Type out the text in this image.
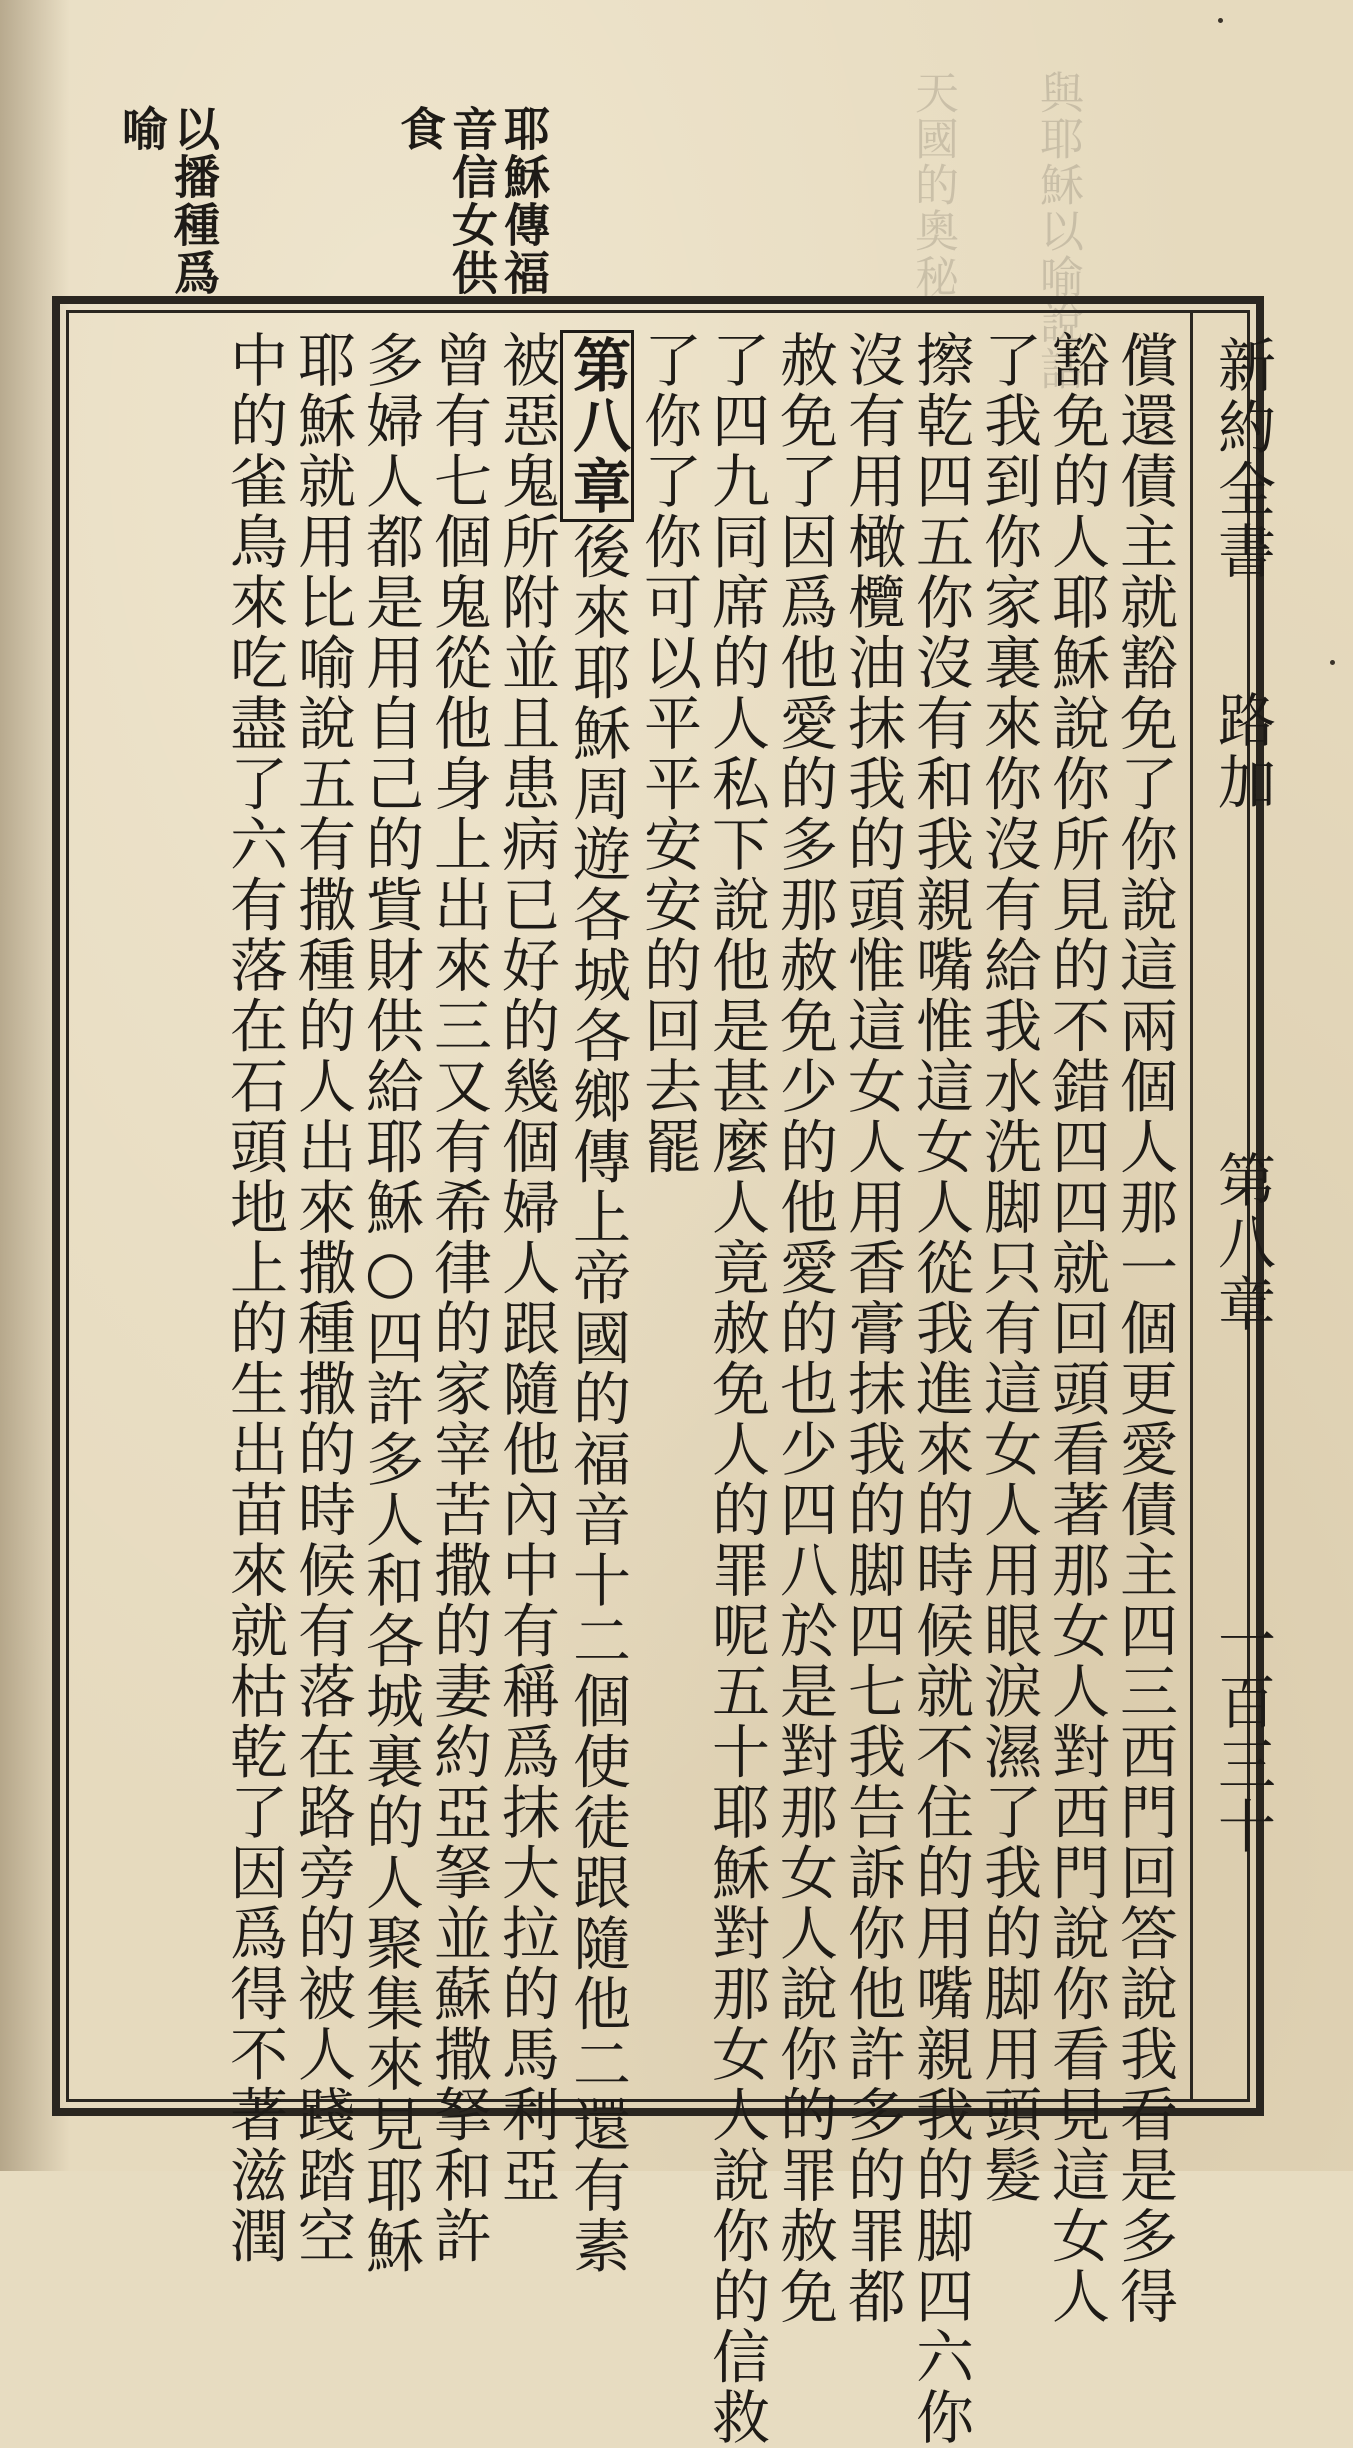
天國的奧秘 與耶穌以喻說話
耶穌傳福音信女供食
以播種爲喻
新約全書
路加
第八章
一百三十
償還債主就豁免了你說這兩個人那一個更愛債主四三西門回答說我看是多得
豁免的人耶穌說你所見的不錯四四就回頭看著那女人對西門說你看見這女人
了我到你家裏來你沒有給我水洗脚只有這女人用眼淚濕了我的脚用頭髮
擦乾四五你沒有和我親嘴惟這女人從我進來的時候就不住的用嘴親我的脚四六你
沒有用橄欖油抹我的頭惟這女人用香膏抹我的脚四七我告訴你他許多的罪都
赦免了因爲他愛的多那赦免少的他愛的也少四八於是對那女人說你的罪赦免
了四九同席的人私下說他是甚麼人竟赦免人的罪呢五十耶穌對那女人說你的信救
了你了你可以平平安安的回去罷
第八章後來耶穌周遊各城各鄉傳上帝國的福音十二個使徒跟隨他二還有素
被惡鬼所附並且患病已好的幾個婦人跟隨他內中有稱爲抹大拉的馬利亞
曾有七個鬼從他身上出來三又有希律的家宰苦撒的妻約亞拏並蘇撒拏和許
多婦人都是用自己的貲財供給耶穌○四許多人和各城裏的人聚集來見耶穌
耶穌就用比喻說五有撒種的人出來撒種撒的時候有落在路旁的被人踐踏空
中的雀鳥來吃盡了六有落在石頭地上的生出苗來就枯乾了因爲得不著滋潤
